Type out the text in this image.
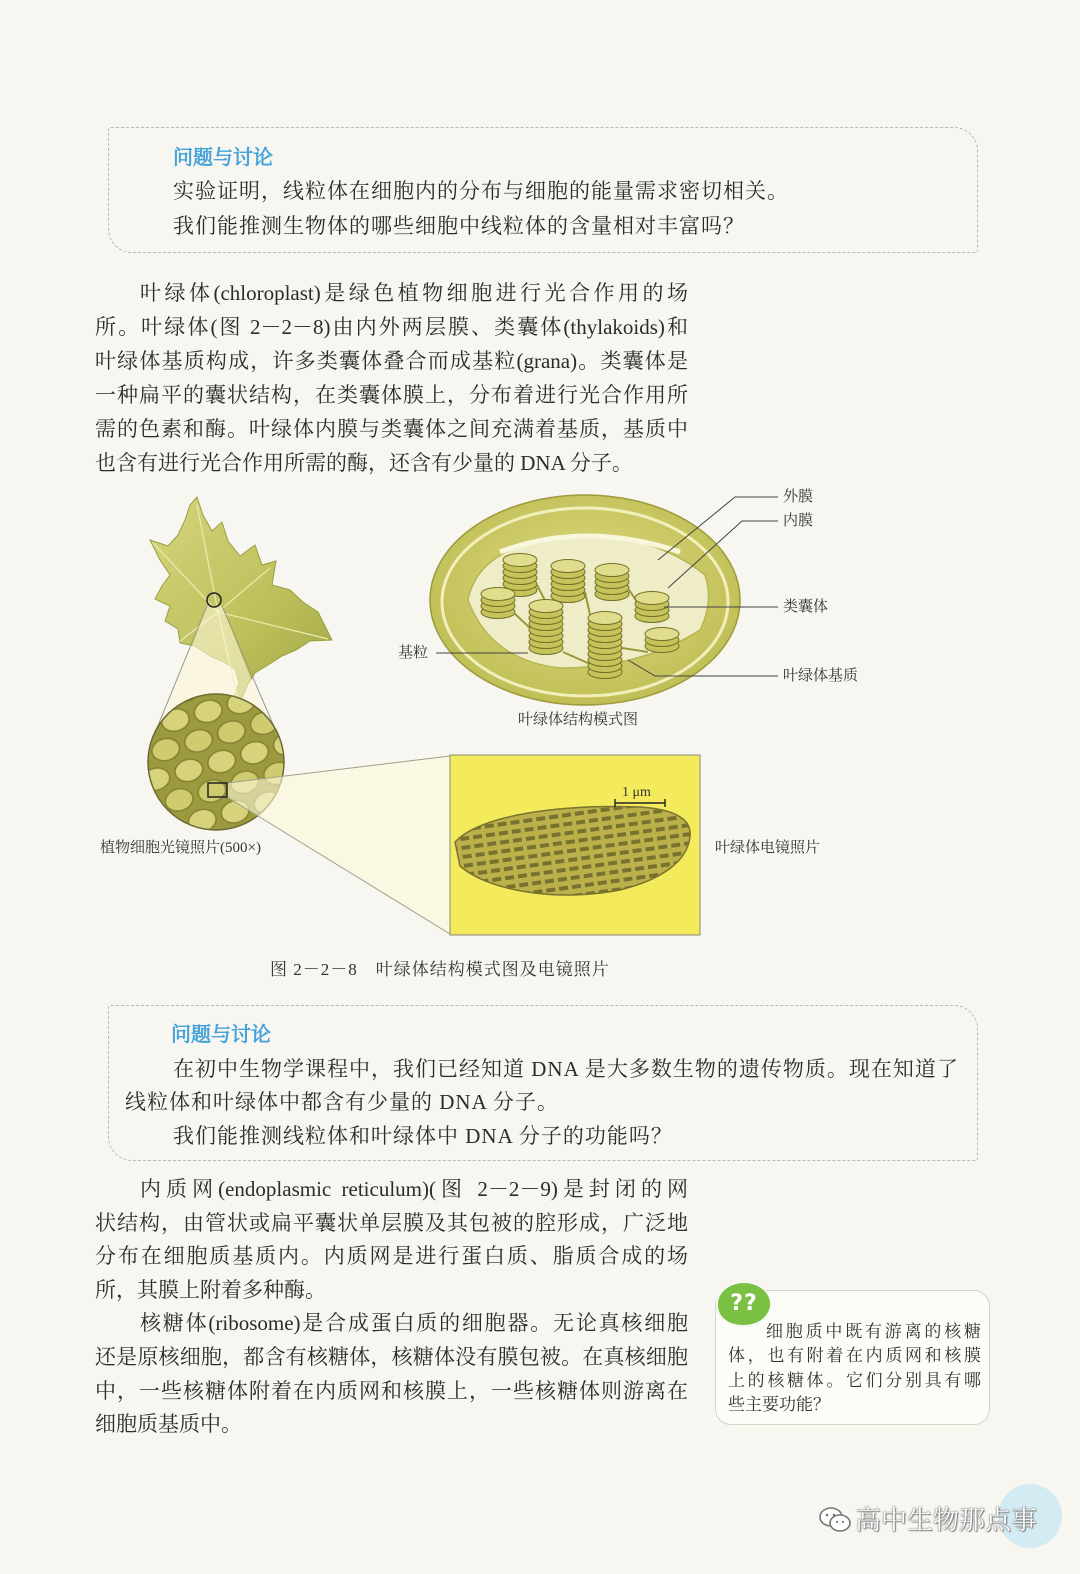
问题与讨论
实验证明，线粒体在细胞内的分布与细胞的能量需求密切相关。
我们能推测生物体的哪些细胞中线粒体的含量相对丰富吗？
叶绿体(chloroplast)是绿色植物细胞进行光合作用的场
所。叶绿体(图 2－2－8)由内外两层膜、类囊体(thylakoids)和
叶绿体基质构成，许多类囊体叠合而成基粒(grana)。类囊体是
一种扁平的囊状结构，在类囊体膜上，分布着进行光合作用所
需的色素和酶。叶绿体内膜与类囊体之间充满着基质，基质中
也含有进行光合作用所需的酶，还含有少量的 DNA 分子。
外膜
内膜
类囊体
叶绿体基质
基粒
叶绿体结构模式图
植物细胞光镜照片(500×)	叶绿体电镜照片
1 μm
图 2－2－8　叶绿体结构模式图及电镜照片
问题与讨论
在初中生物学课程中，我们已经知道 DNA 是大多数生物的遗传物质。现在知道了
线粒体和叶绿体中都含有少量的 DNA 分子。
我们能推测线粒体和叶绿体中 DNA 分子的功能吗？
内质网(endoplasmic reticulum)(图 2－2－9)是封闭的网
状结构，由管状或扁平囊状单层膜及其包被的腔形成，广泛地
分布在细胞质基质内。内质网是进行蛋白质、脂质合成的场
所，其膜上附着多种酶。
核糖体(ribosome)是合成蛋白质的细胞器。无论真核细胞
还是原核细胞，都含有核糖体，核糖体没有膜包被。在真核细胞
中，一些核糖体附着在内质网和核膜上，一些核糖体则游离在
细胞质基质中。
细胞质中既有游离的核糖
体，也有附着在内质网和核膜
上的核糖体。它们分别具有哪
些主要功能？
??
高中生物那点事
